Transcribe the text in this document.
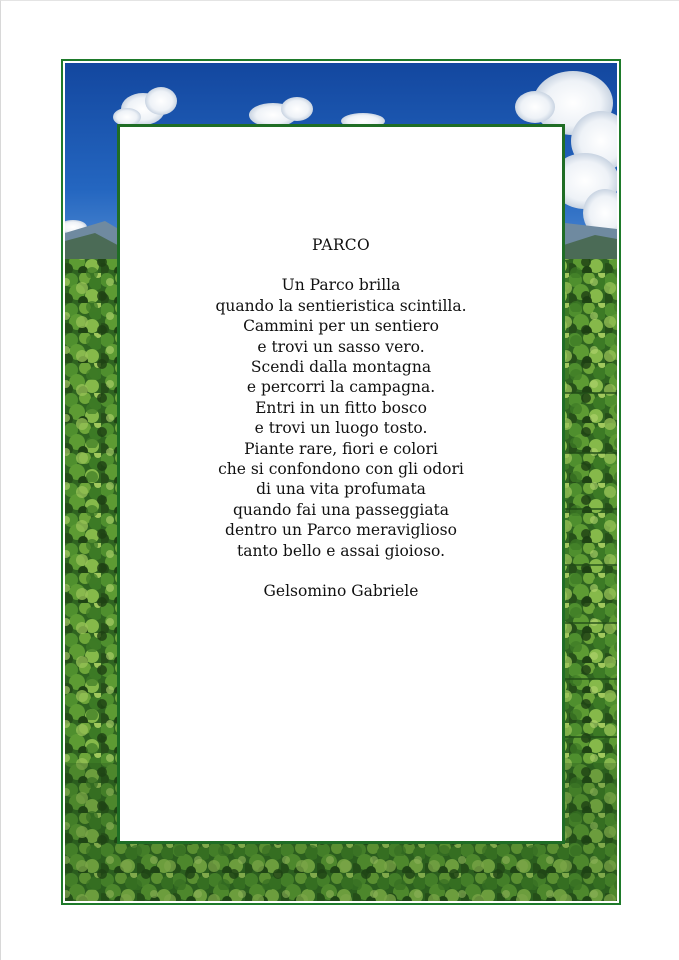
PARCO
Un Parco brilla
quando la sentieristica scintilla.
Cammini per un sentiero
e trovi un sasso vero.
Scendi dalla montagna
e percorri la campagna.
Entri in un fitto bosco
e trovi un luogo tosto.
Piante rare, fiori e colori
che si confondono con gli odori
di una vita profumata
quando fai una passeggiata
dentro un Parco meraviglioso
tanto bello e assai gioioso.
Gelsomino Gabriele
